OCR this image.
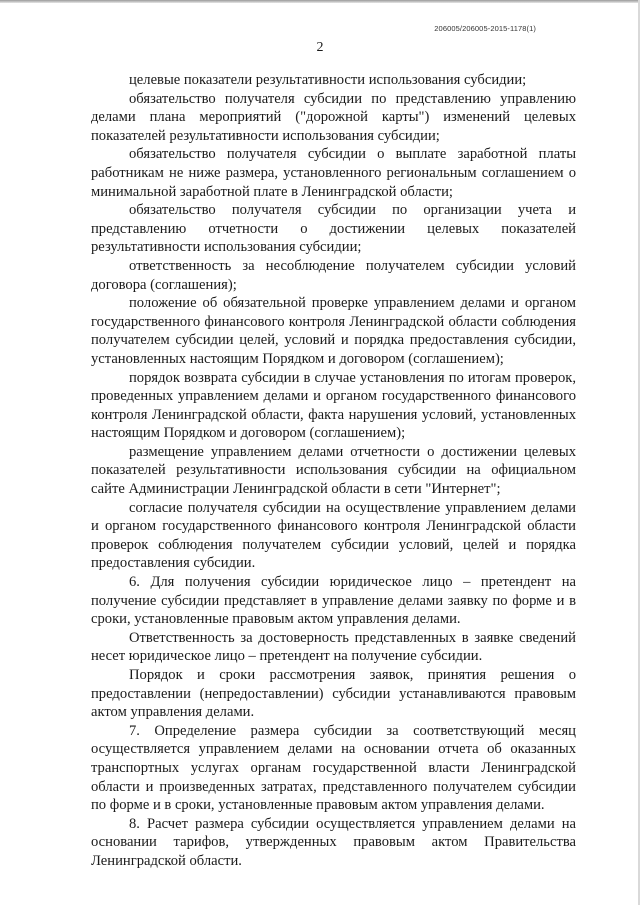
206005/206005-2015-1178(1)
2

целевые показатели результативности использования субсидии;

обязательство получателя субсидии по представлению управлению делами плана мероприятий ("дорожной карты") изменений целевых показателей результативности использования субсидии;

обязательство получателя субсидии о выплате заработной платы работникам не ниже размера, установленного региональным соглашением о минимальной заработной плате в Ленинградской области;

обязательство получателя субсидии по организации учета и представлению отчетности о достижении целевых показателей результативности использования субсидии;

ответственность за несоблюдение получателем субсидии условий договора (соглашения);

положение об обязательной проверке управлением делами и органом государственного финансового контроля Ленинградской области соблюдения получателем субсидии целей, условий и порядка предоставления субсидии, установленных настоящим Порядком и договором (соглашением);

порядок возврата субсидии в случае установления по итогам проверок, проведенных управлением делами и органом государственного финансового контроля Ленинградской области, факта нарушения условий, установленных настоящим Порядком и договором (соглашением);

размещение управлением делами отчетности о достижении целевых показателей результативности использования субсидии на официальном сайте Администрации Ленинградской области в сети "Интернет";

согласие получателя субсидии на осуществление управлением делами и органом государственного финансового контроля Ленинградской области проверок соблюдения получателем субсидии условий, целей и порядка предоставления субсидии.

6. Для получения субсидии юридическое лицо – претендент на получение субсидии представляет в управление делами заявку по форме и в сроки, установленные правовым актом управления делами.

Ответственность за достоверность представленных в заявке сведений несет юридическое лицо – претендент на получение субсидии.

Порядок и сроки рассмотрения заявок, принятия решения о предоставлении (непредоставлении) субсидии устанавливаются правовым актом управления делами.

7. Определение размера субсидии за соответствующий месяц осуществляется управлением делами на основании отчета об оказанных транспортных услугах органам государственной власти Ленинградской области и произведенных затратах, представленного получателем субсидии по форме и в сроки, установленные правовым актом управления делами.

8. Расчет размера субсидии осуществляется управлением делами на основании тарифов, утвержденных правовым актом Правительства Ленинградской области.
